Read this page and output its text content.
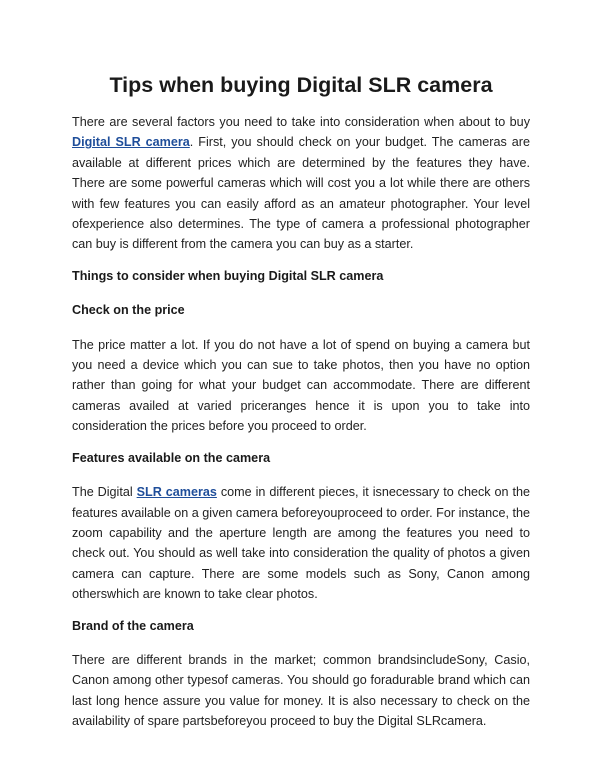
Tips when buying Digital SLR camera

There are several factors you need to take into consideration when about to buy Digital SLR camera. First, you should check on your budget. The cameras are available at different prices which are determined by the features they have. There are some powerful cameras which will cost you a lot while there are others with few features you can easily afford as an amateur photographer. Your level ofexperience also determines. The type of camera a professional photographer can buy is different from the camera you can buy as a starter.

Things to consider when buying Digital SLR camera
Check on the price

The price matter a lot. If you do not have a lot of spend on buying a camera but you need a device which you can sue to take photos, then you have no option rather than going for what your budget can accommodate. There are different cameras availed at varied priceranges hence it is upon you to take into consideration the prices before you proceed to order.

Features available on the camera

The Digital SLR cameras come in different pieces, it isnecessary to check on the features available on a given camera beforeyouproceed to order. For instance, the zoom capability and the aperture length are among the features you need to check out. You should as well take into consideration the quality of photos a given camera can capture. There are some models such as Sony, Canon among otherswhich are known to take clear photos.

Brand of the camera

There are different brands in the market; common brandsincludeSony, Casio, Canon among other typesof cameras. You should go foradurable brand which can last long hence assure you value for money. It is also necessary to check on the availability of spare partsbeforeyou proceed to buy the Digital SLRcamera.
